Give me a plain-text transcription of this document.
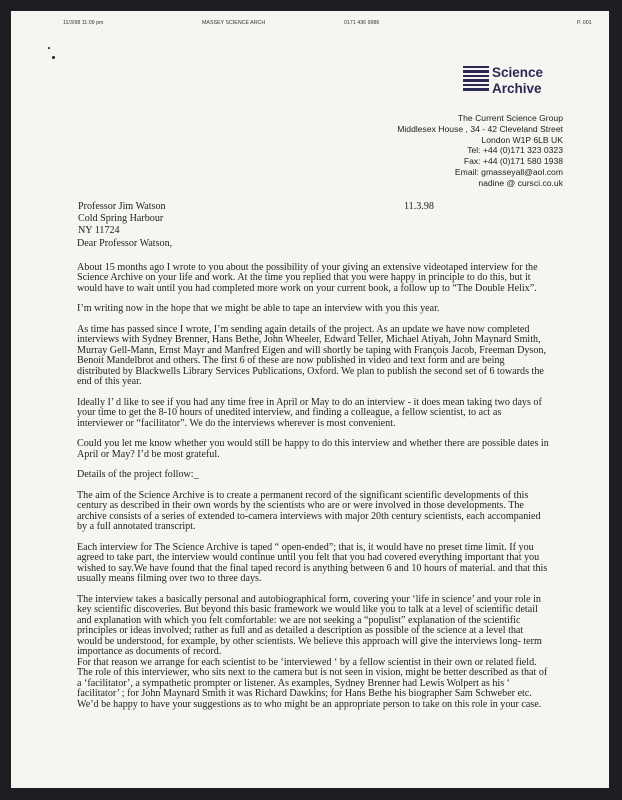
11/3/98 11:09 pm	MASSEY SCIENCE ARCH	0171 436 9986	P. 001
Science
Archive
The Current Science Group
Middlesex House , 34 - 42 Cleveland Street
London W1P 6LB UK
Tel: +44 (0)171 323 0323
Fax: +44 (0)171 580 1938
Email: gmasseyall@aol.com
nadine @ cursci.co.uk
Professor Jim Watson
Cold Spring Harbour
NY 11724
11.3.98

Dear Professor Watson,

About 15 months ago I wrote to you about the possibility of your giving an extensive videotaped interview for the Science Archive on your life and work. At the time you replied that you were happy in principle to do this, but it would have to wait until you had completed more work on your current book, a follow up to “The Double Helix”.

I’m writing now in the hope that we might be able to tape an interview with you this year.

As time has passed since I wrote, I’m sending again details of the project. As an update we have now completed interviews with Sydney Brenner, Hans Bethe, John Wheeler, Edward Teller, Michael Atiyah, John Maynard Smith, Murray Gell-Mann, Ernst Mayr and Manfred Eigen and will shortly be taping with François Jacob, Freeman Dyson, Benoit Mandelbrot and others. The first 6 of these are now published in video and text form and are being distributed by Blackwells Library Services Publications, Oxford. We plan to publish the second set of 6 towards the end of this year.

Ideally I’ d like to see if you had any time free in April or May to do an interview - it does mean taking two days of your time to get the 8-10 hours of unedited interview, and finding a colleague, a fellow scientist, to act as interviewer or “facilitator”. We do the interviews wherever is most convenient.

Could you let me know whether you would still be happy to do this interview and whether there are possible dates in April or May? I’d be most grateful.

Details of the project follow:_

The aim of the Science Archive is to create a permanent record of the significant scientific developments of this century as described in their own words by the scientists who are or were involved in those developments. The archive consists of a series of extended to-camera interviews with major 20th century scientists, each accompanied by a full annotated transcript.

Each interview for The Science Archive is taped “ open-ended”; that is, it would have no preset time limit. If you agreed to take part, the interview would continue until you felt that you had covered everything important that you wished to say.We have found that the final taped record is anything between 6 and 10 hours of material. and that this usually means filming over two to three days.

The interview takes a basically personal and autobiographical form, covering your ‘life in science’ and your role in key scientific discoveries. But beyond this basic framework we would like you to talk at a level of scientific detail and explanation with which you felt comfortable: we are not seeking a “populist” explanation of the scientific principles or ideas involved; rather as full and as detailed a description as possible of the science at a level that would be understood, for example, by other scientists. We believe this approach will give the interviews long- term importance as documents of record.

For that reason we arrange for each scientist to be ‘interviewed ‘ by a fellow scientist in their own or related field. The role of this interviewer, who sits next to the camera but is not seen in vision, might be better described as that of a ‘facilitator’, a sympathetic prompter or listener. As examples, Sydney Brenner had Lewis Wolpert as his ‘ facilitator’ ; for John Maynard Smith it was Richard Dawkins; for Hans Bethe his biographer Sam Schweber etc. We’d be happy to have your suggestions as to who might be an appropriate person to take on this role in your case.
